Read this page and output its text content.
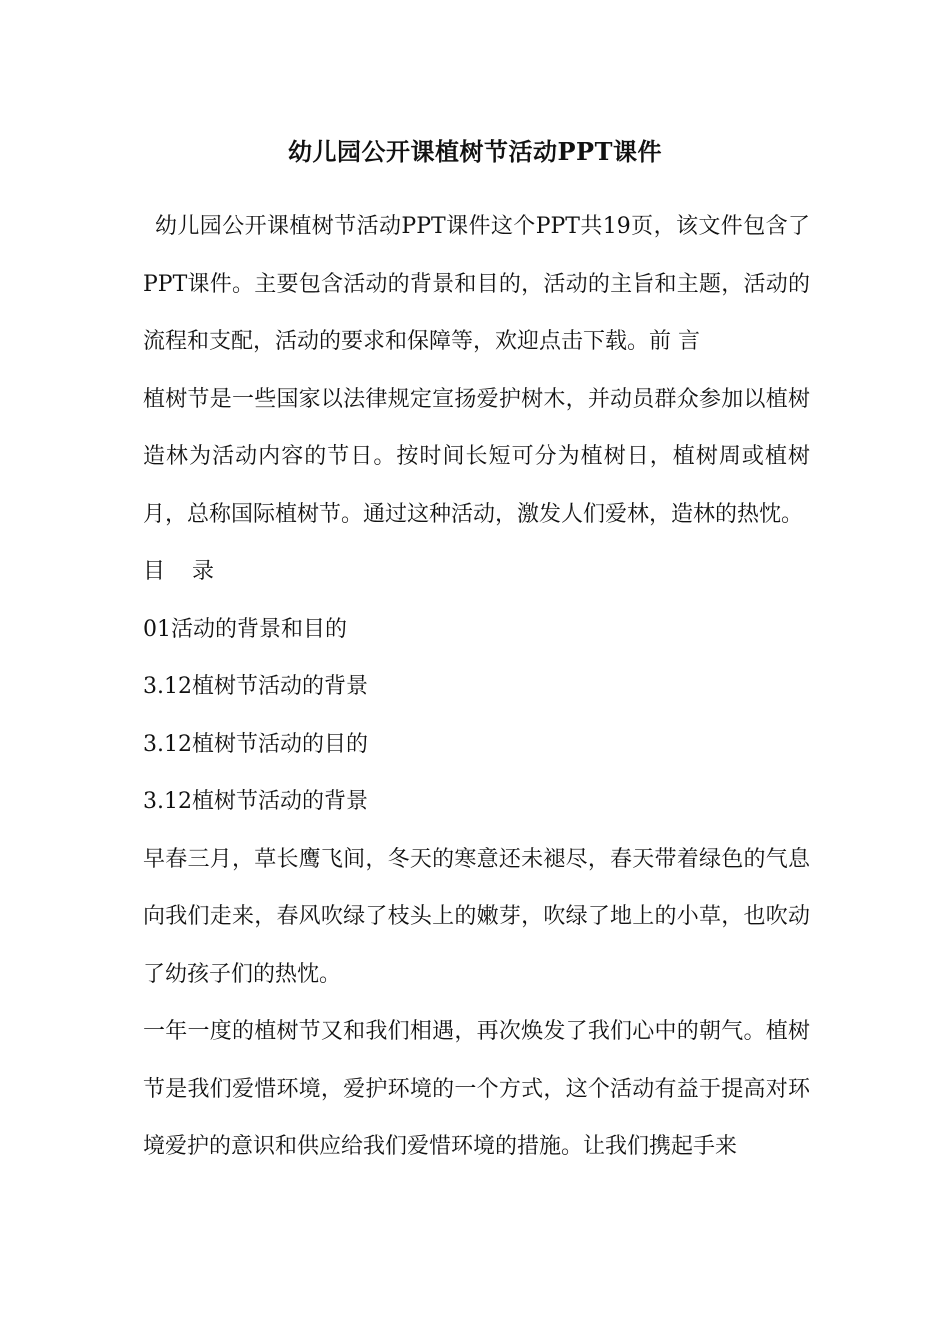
幼儿园公开课植树节活动PPT课件

幼儿园公开课植树节活动PPT课件这个PPT共19页，该文件包含了PPT课件。主要包含活动的背景和目的，活动的主旨和主题，活动的流程和支配，活动的要求和保障等，欢迎点击下载。前 言

植树节是一些国家以法律规定宣扬爱护树木，并动员群众参加以植树造林为活动内容的节日。按时间长短可分为植树日，植树周或植树月，总称国际植树节。通过这种活动，激发人们爱林，造林的热忱。

目 录

01活动的背景和目的

3.12植树节活动的背景

3.12植树节活动的目的

3.12植树节活动的背景

早春三月，草长鹰飞间，冬天的寒意还未褪尽，春天带着绿色的气息向我们走来，春风吹绿了枝头上的嫩芽，吹绿了地上的小草，也吹动了幼孩子们的热忱。

一年一度的植树节又和我们相遇，再次焕发了我们心中的朝气。植树节是我们爱惜环境，爱护环境的一个方式，这个活动有益于提高对环境爱护的意识和供应给我们爱惜环境的措施。让我们携起手来
